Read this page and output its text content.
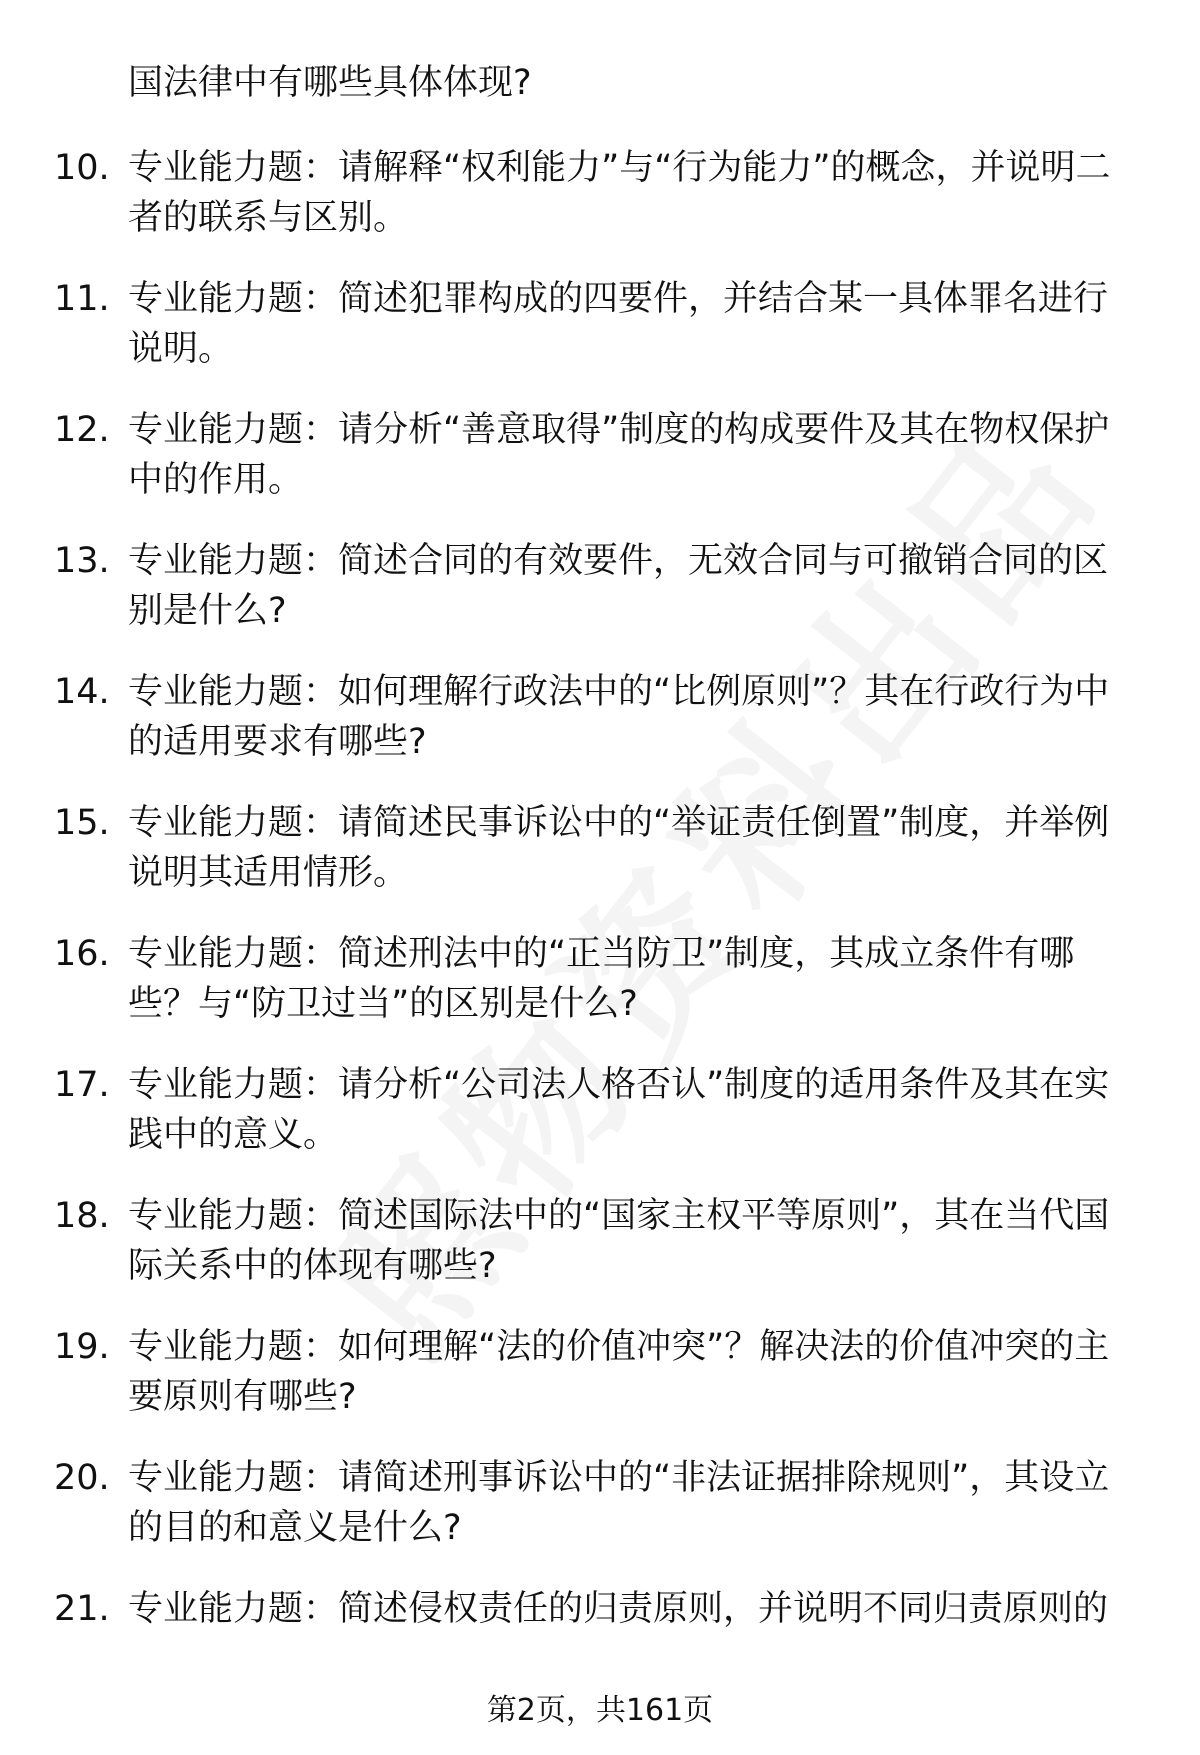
国法律中有哪些具体体现?

10. 专业能力题：请解释“权利能力”与“行为能力”的概念，并说明二者的联系与区别。
11. 专业能力题：简述犯罪构成的四要件，并结合某一具体罪名进行说明。
12. 专业能力题：请分析“善意取得”制度的构成要件及其在物权保护中的作用。
13. 专业能力题：简述合同的有效要件，无效合同与可撤销合同的区别是什么?
14. 专业能力题：如何理解行政法中的“比例原则”？其在行政行为中的适用要求有哪些?
15. 专业能力题：请简述民事诉讼中的“举证责任倒置”制度，并举例说明其适用情形。
16. 专业能力题：简述刑法中的“正当防卫”制度，其成立条件有哪些？与“防卫过当”的区别是什么?
17. 专业能力题：请分析“公司法人格否认”制度的适用条件及其在实践中的意义。
18. 专业能力题：简述国际法中的“国家主权平等原则”，其在当代国际关系中的体现有哪些?
19. 专业能力题：如何理解“法的价值冲突”？解决法的价值冲突的主要原则有哪些?
20. 专业能力题：请简述刑事诉讼中的“非法证据排除规则”，其设立的目的和意义是什么?
21. 专业能力题：简述侵权责任的归责原则，并说明不同归责原则的
第2页，共161页
